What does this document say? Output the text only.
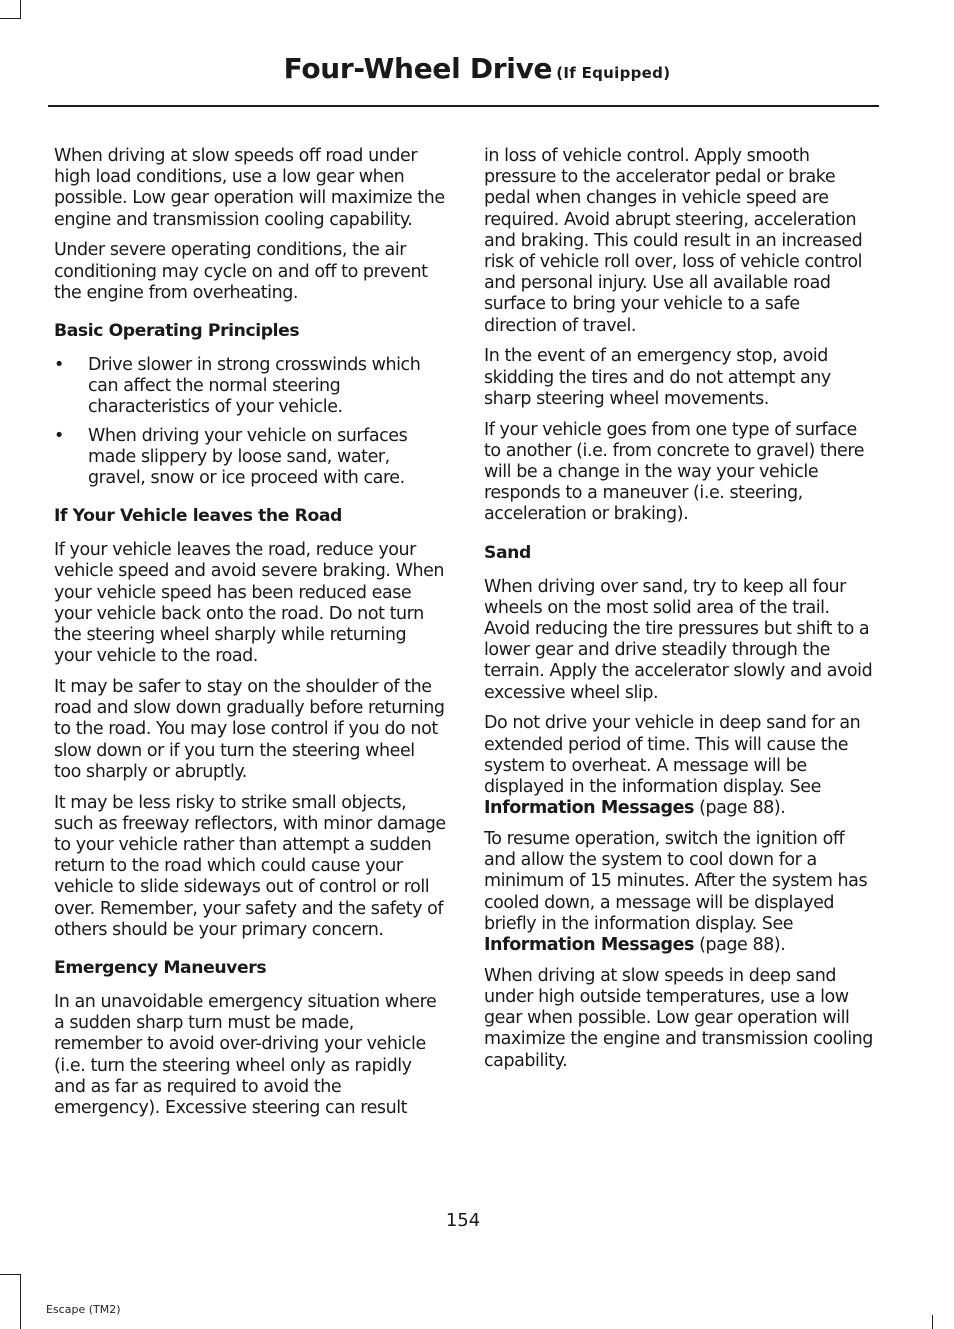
Four-Wheel Drive (If Equipped)

When driving at slow speeds off road under high load conditions, use a low gear when possible. Low gear operation will maximize the engine and transmission cooling capability.

Under severe operating conditions, the air conditioning may cycle on and off to prevent the engine from overheating.

Basic Operating Principles
• Drive slower in strong crosswinds which can affect the normal steering characteristics of your vehicle.
• When driving your vehicle on surfaces made slippery by loose sand, water, gravel, snow or ice proceed with care.
If Your Vehicle leaves the Road

If your vehicle leaves the road, reduce your vehicle speed and avoid severe braking. When your vehicle speed has been reduced ease your vehicle back onto the road. Do not turn the steering wheel sharply while returning your vehicle to the road.

It may be safer to stay on the shoulder of the road and slow down gradually before returning to the road. You may lose control if you do not slow down or if you turn the steering wheel too sharply or abruptly.

It may be less risky to strike small objects, such as freeway reflectors, with minor damage to your vehicle rather than attempt a sudden return to the road which could cause your vehicle to slide sideways out of control or roll over. Remember, your safety and the safety of others should be your primary concern.

Emergency Maneuvers

In an unavoidable emergency situation where a sudden sharp turn must be made, remember to avoid over-driving your vehicle (i.e. turn the steering wheel only as rapidly and as far as required to avoid the emergency). Excessive steering can result

in loss of vehicle control. Apply smooth pressure to the accelerator pedal or brake pedal when changes in vehicle speed are required. Avoid abrupt steering, acceleration and braking. This could result in an increased risk of vehicle roll over, loss of vehicle control and personal injury. Use all available road surface to bring your vehicle to a safe direction of travel.

In the event of an emergency stop, avoid skidding the tires and do not attempt any sharp steering wheel movements.

If your vehicle goes from one type of surface to another (i.e. from concrete to gravel) there will be a change in the way your vehicle responds to a maneuver (i.e. steering, acceleration or braking).

Sand

When driving over sand, try to keep all four wheels on the most solid area of the trail. Avoid reducing the tire pressures but shift to a lower gear and drive steadily through the terrain. Apply the accelerator slowly and avoid excessive wheel slip.

Do not drive your vehicle in deep sand for an extended period of time. This will cause the system to overheat. A message will be displayed in the information display. See Information Messages (page 88).

To resume operation, switch the ignition off and allow the system to cool down for a minimum of 15 minutes. After the system has cooled down, a message will be displayed briefly in the information display. See Information Messages (page 88).

When driving at slow speeds in deep sand under high outside temperatures, use a low gear when possible. Low gear operation will maximize the engine and transmission cooling capability.

154
Escape (TM2)
